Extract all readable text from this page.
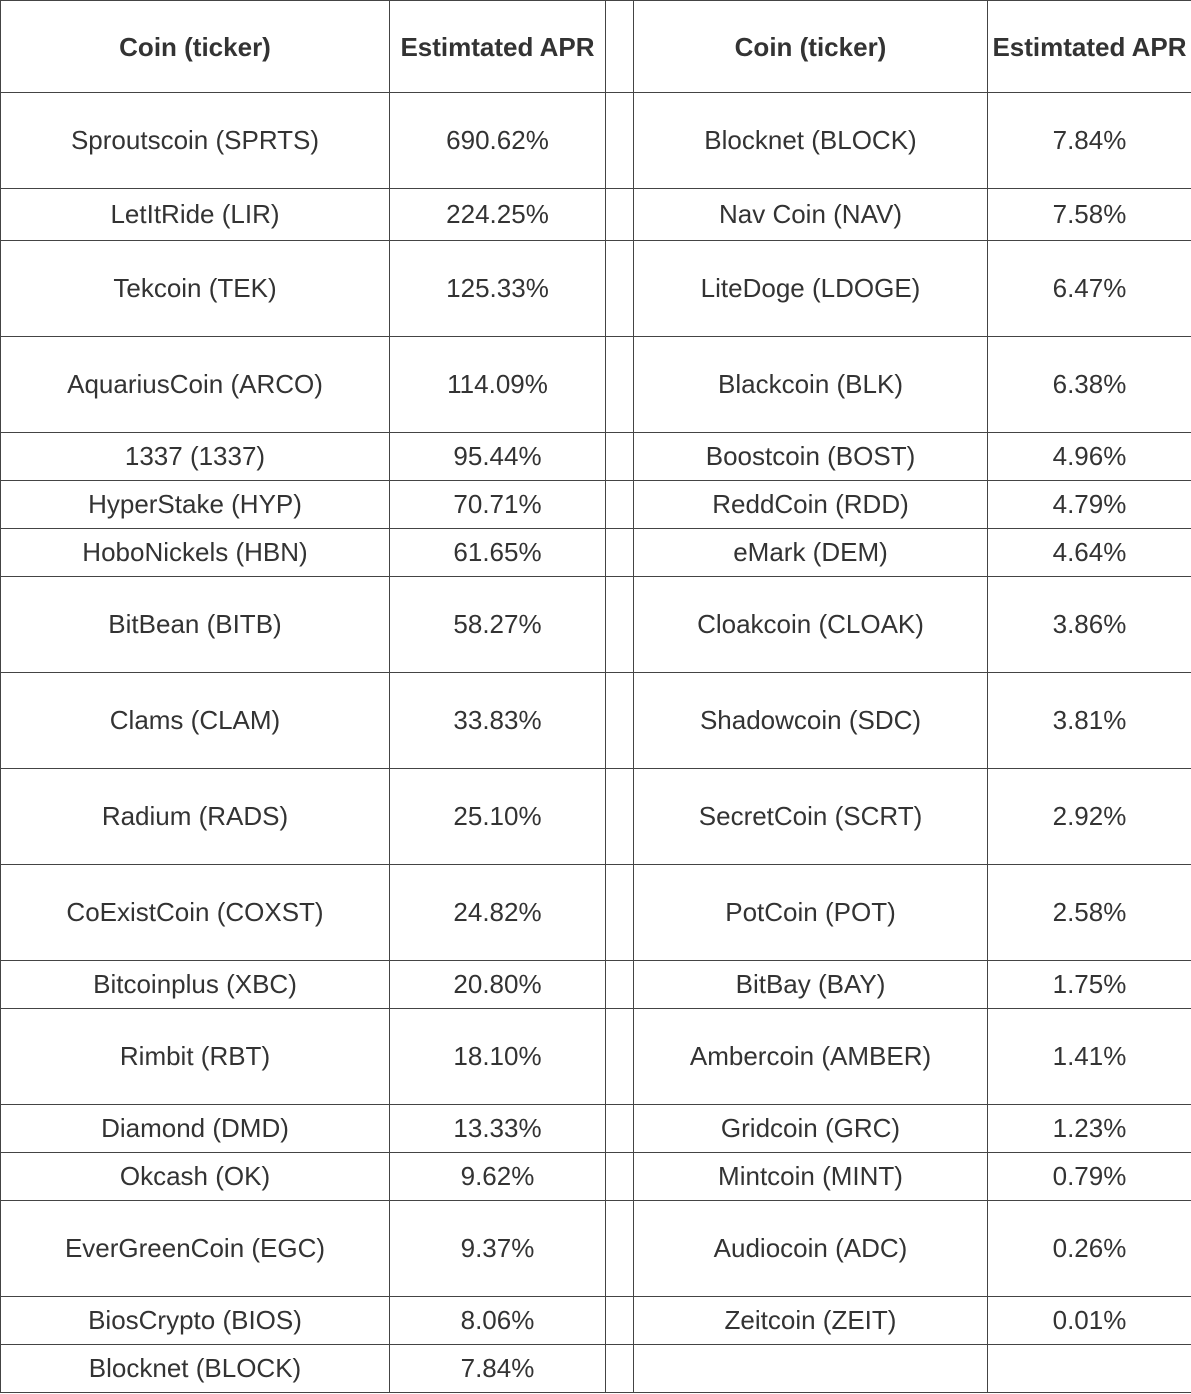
Coin (ticker)	Estimtated APR		Coin (ticker)	Estimtated APR
Sproutscoin (SPRTS)	690.62%		Blocknet (BLOCK)	7.84%
LetItRide (LIR)	224.25%		Nav Coin (NAV)	7.58%
Tekcoin (TEK)	125.33%		LiteDoge (LDOGE)	6.47%
AquariusCoin (ARCO)	114.09%		Blackcoin (BLK)	6.38%
1337 (1337)	95.44%		Boostcoin (BOST)	4.96%
HyperStake (HYP)	70.71%		ReddCoin (RDD)	4.79%
HoboNickels (HBN)	61.65%		eMark (DEM)	4.64%
BitBean (BITB)	58.27%		Cloakcoin (CLOAK)	3.86%
Clams (CLAM)	33.83%		Shadowcoin (SDC)	3.81%
Radium (RADS)	25.10%		SecretCoin (SCRT)	2.92%
CoExistCoin (COXST)	24.82%		PotCoin (POT)	2.58%
Bitcoinplus (XBC)	20.80%		BitBay (BAY)	1.75%
Rimbit (RBT)	18.10%		Ambercoin (AMBER)	1.41%
Diamond (DMD)	13.33%		Gridcoin (GRC)	1.23%
Okcash (OK)	9.62%		Mintcoin (MINT)	0.79%
EverGreenCoin (EGC)	9.37%		Audiocoin (ADC)	0.26%
BiosCrypto (BIOS)	8.06%		Zeitcoin (ZEIT)	0.01%
Blocknet (BLOCK)	7.84%			
